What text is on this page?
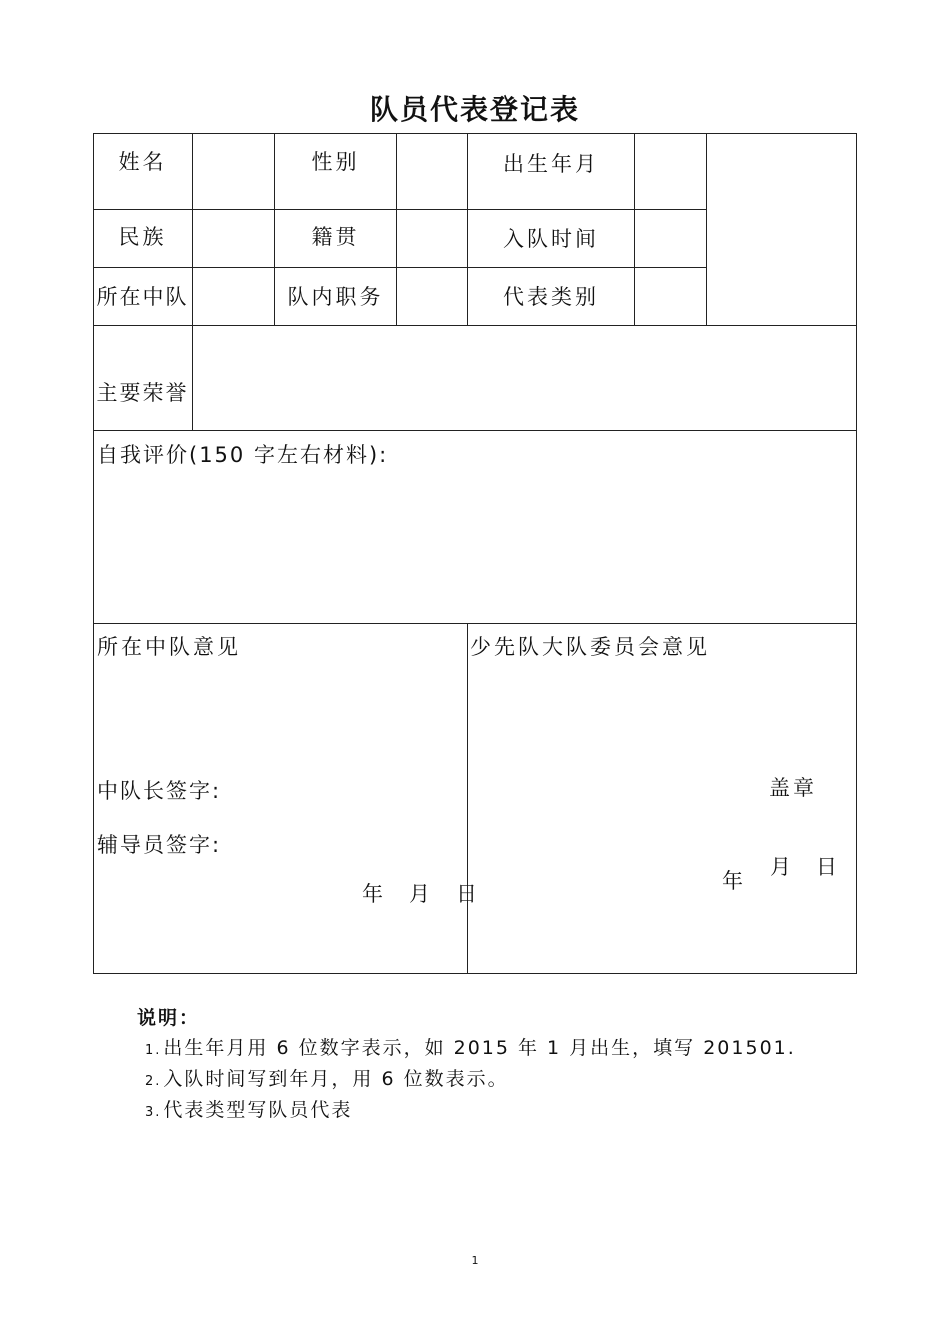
队员代表登记表
姓名	性别	出生年月
民族	籍贯	入队时间
所在中队	队内职务	代表类别
主要荣誉
自我评价(150 字左右材料):
所在中队意见
中队长签字:
辅导员签字:
年 月 日
少先队大队委员会意见
盖章
年
月 日
说明：
1. 出生年月用 6 位数字表示，如 2015 年 1 月出生，填写 201501.
2. 入队时间写到年月，用 6 位数表示。
3. 代表类型写队员代表
1
